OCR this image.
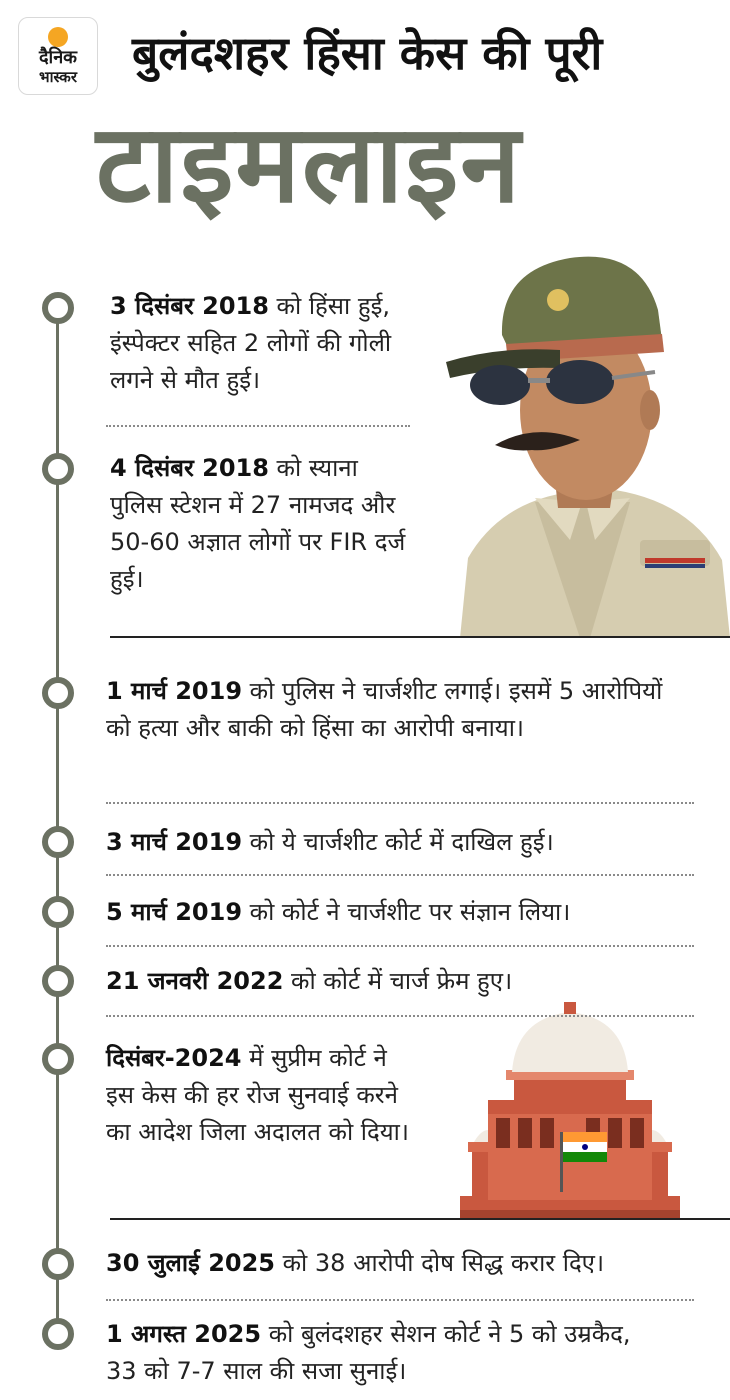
दैनिक
भास्कर	बुलंदशहर हिंसा केस की पूरी
टाइमलाइन
3 दिसंबर 2018 को हिंसा हुई, इंस्पेक्टर सहित 2 लोगों की गोली लगने से मौत हुई।
4 दिसंबर 2018 को स्याना पुलिस स्टेशन में 27 नामजद और 50-60 अज्ञात लोगों पर FIR दर्ज हुई।
1 मार्च 2019 को पुलिस ने चार्जशीट लगाई। इसमें 5 आरोपियों को हत्या और बाकी को हिंसा का आरोपी बनाया।
3 मार्च 2019 को ये चार्जशीट कोर्ट में दाखिल हुई।
5 मार्च 2019 को कोर्ट ने चार्जशीट पर संज्ञान लिया।
21 जनवरी 2022 को कोर्ट में चार्ज फ्रेम हुए।
दिसंबर-2024 में सुप्रीम कोर्ट ने इस केस की हर रोज सुनवाई करने का आदेश जिला अदालत को दिया।
30 जुलाई 2025 को 38 आरोपी दोष सिद्ध करार दिए।
1 अगस्त 2025 को बुलंदशहर सेशन कोर्ट ने 5 को उम्रकैद, 33 को 7-7 साल की सजा सुनाई।
